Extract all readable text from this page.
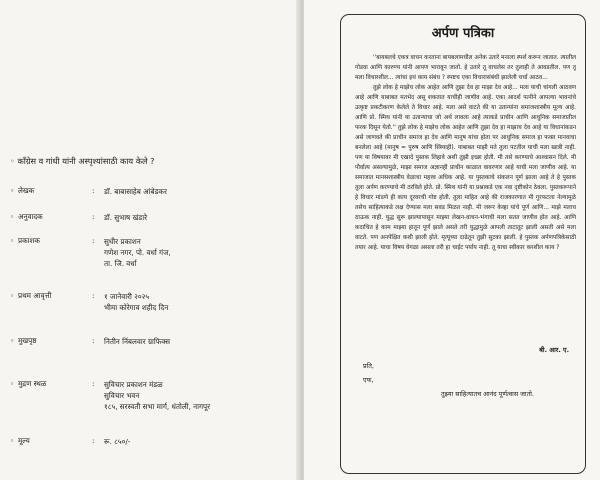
◦ कॉंग्रेस व गांधी यांनी अस्पृश्यांसाठी काय केले ?
◦ लेखक	: डॉ. बाबासाहेब आंबेडकर
◦ अनुवादक	: डॉ. सुभाष खंडारे
◦ प्रकाशक	: सुधीर प्रकाशन
गणेश नगर, पो. वर्धा गंज,
ता. जि. वर्धा
◦ प्रथम आवृत्ती	: १ जानेवारी २०२५
भीमा कोरेगाव शहीद दिन
◦ मुखपृष्ठ	: नितीन निंबलवार ग्राफिक्स
◦ मुद्रण स्थळ	: सुविचार प्रकाशन मंडळ
सुविचार भवन
१८५, सरस्वती सभा मार्ग, धंतोली, नागपूर
◦ मूल्य	: रू. ८५०/-
अर्पण पत्रिका

''बायबलचे एकत्र वाचन करताना बायबलामधील अनेक उतारे मनाला स्पर्श करून जातात. त्यातील गोडवा आणि कारुण्य यांनी आपण भारावून जातो. हे उतारे तू वाचलेस तर तुलाही ते आवडतील. पण तू मला विचारशील... त्यांचा इथं काय संबंध ? स्पष्टच एका विचारासंबंधी झालेली चर्चा आठव...

तुझे लोक हे माझेच लोक आहेत आणि तुझा देव हा माझा देव आहे... मला याची चांगली आठवण आहे आणि याबाबत मतभेद असू शकतात याचीही जाणीव आहे. एका आदर्श पत्नीने आपल्या भावनांचे उत्कृष्ट प्रकटीकरण केलेले ते विचार आहे. मला असे वाटते की या उतान्यांना समाजशास्त्रीय मूल्य आहे. आणि प्रो. स्मिथ यांनी या उतान्याचा जो अर्थ लावला आहे त्याकडे प्राचीन आणि आधुनिक समाजातील फरक दिसून येतो.'' तुझे लोक हे माझेच लोक आहेत आणि तुझा देव हा माझाच देव आहे या विधानांकडन असे जाणवते की प्राचीन समाज हा देव आणि मानूष यांचा होता पर आधुनिक समाज हा फक्त मानवाचा बनलेला आहे (मानुष = पुरुष आणि स्त्रियाही). याबाबत माझी मते तुला पटतील याची मला खात्री नाही. पण या विषयावर मी एखादे पुस्तक लिहावे अशी तुझी इच्छा होती. मी तसे करण्याचे आश्वासन दिले. मी पौर्वात्य असल्यामुळे, माझा समाज अज्ञानही प्राचीन काळात वावरणार आहे याची मला जाणीव आहे. या समाजात मानसशास्त्रीय वेळाचा महत्त्व अधिक आहे. या पुस्तकाचे संकलन पूर्ण झाला आहे ते हे पुस्तक तुला अर्पण करण्याचे मी ठरविले होते. प्रो. स्मिथ यांनी या प्रश्नाकडे एक नवा दृष्टीकोन ठेवला. पुस्तकरूपाने हे विचार मांडणे ही काय दूरवरची गोष्ट होती. तुला माहित आहे की राजकारणात मी गुरफटला नेल्यामुळे तसेच साहित्याकडे लक्ष देण्यास मला सवड मिळत नाही. मी जरूर केव्हा यांचे पूर्ण आणि... माझे मलाच ठाऊक नाही. युद्ध सुरू झाल्यापासून माझ्या लेखन-वाचन-भंगाची मला सतत जाणीव होत आहे. आणि कदाचित हे काम माझ्या हातून पूर्ण झाले असते तरी युद्धामुळे आपली ताटातूट झाली असती असे मला वाटते. पण अनपेक्षित कशी झाली होते. मृत्यूच्या दाढेतून तुझी सुटका झाली. हे पुस्तक अर्पणपत्रिकेसाठी तयार आहे. याचा विषय वेगळा असला तरी हा चाईट पर्याय नाही. तू याचा स्वीकार करशील काय ?

बी. आर. ए.
प्रति,
एफ,
तुझ्या साहित्यातच आनंद पूर्णत्वास जातो.
